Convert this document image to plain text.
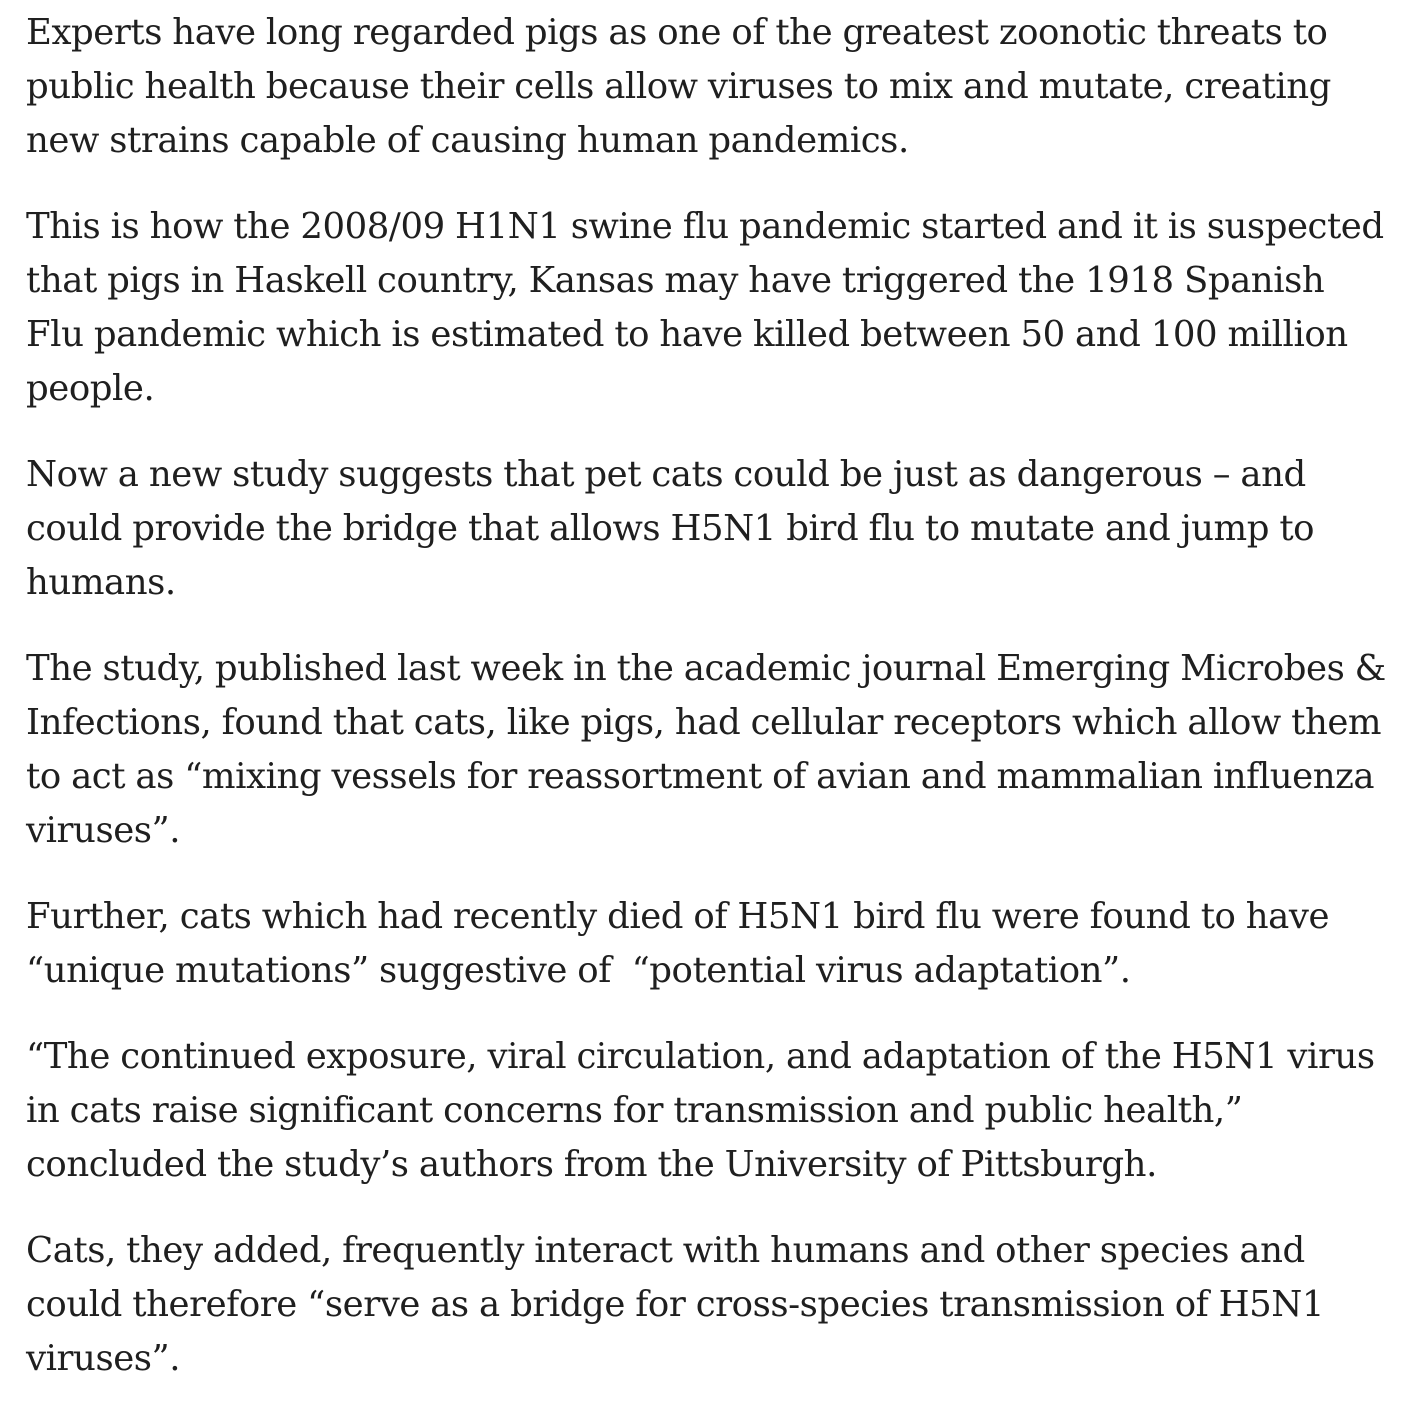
Experts have long regarded pigs as one of the greatest zoonotic threats to public health because their cells allow viruses to mix and mutate, creating new strains capable of causing human pandemics.

This is how the 2008/09 H1N1 swine flu pandemic started and it is suspected that pigs in Haskell country, Kansas may have triggered the 1918 Spanish Flu pandemic which is estimated to have killed between 50 and 100 million people.

Now a new study suggests that pet cats could be just as dangerous – and could provide the bridge that allows H5N1 bird flu to mutate and jump to humans.

The study, published last week in the academic journal Emerging Microbes & Infections, found that cats, like pigs, had cellular receptors which allow them to act as “mixing vessels for reassortment of avian and mammalian influenza viruses”.

Further, cats which had recently died of H5N1 bird flu were found to have “unique mutations” suggestive of  “potential virus adaptation”.

“The continued exposure, viral circulation, and adaptation of the H5N1 virus in cats raise significant concerns for transmission and public health,” concluded the study’s authors from the University of Pittsburgh.

Cats, they added, frequently interact with humans and other species and could therefore “serve as a bridge for cross-species transmission of H5N1 viruses”.
